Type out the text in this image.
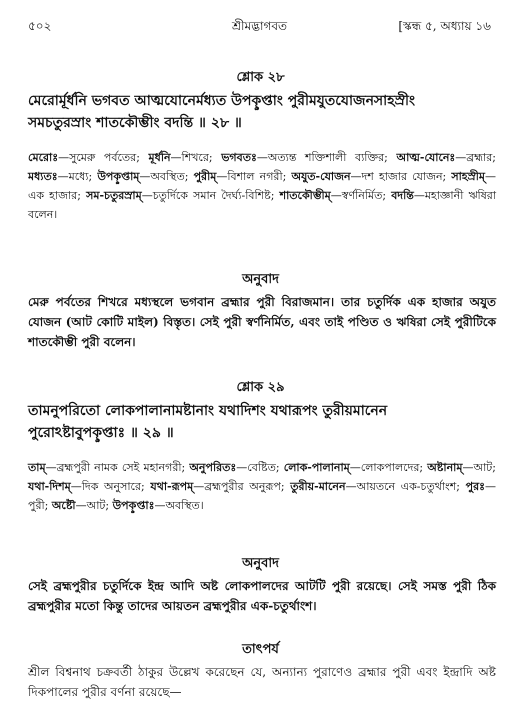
৫০২	শ্রীমদ্ভাগবত	[স্কন্ধ ৫, অধ্যায় ১৬
শ্লোক ২৮
মেরোর্মূর্ধনি ভগবত আত্মযোনের্মধ্যত উপকৢপ্তাং পুরীমযুতযোজনসাহস্রীং
সমচতুরস্রাং শাতকৌম্ভীং বদন্তি ॥ ২৮ ॥
মেরোঃ—সুমেরু পর্বতের; মূর্ধনি—শিখরে; ভগবতঃ—অত্যন্ত শক্তিশালী ব্যক্তির; আত্ম-যোনেঃ—ব্রহ্মার; মধ্যতঃ—মধ্যে; উপকৢপ্তাম্—অবস্থিত; পুরীম্—বিশাল নগরী; অযুত-যোজন—দশ হাজার যোজন; সাহস্রীম্—এক হাজার; সম-চতুরস্রাম্—চতুর্দিকে সমান দৈর্ঘ্য-বিশিষ্ট; শাতকৌম্ভীম্—স্বর্ণনির্মিত; বদন্তি—মহাজ্ঞানী ঋষিরা বলেন।
অনুবাদ
মেরু পর্বতের শিখরে মধ্যস্থলে ভগবান ব্রহ্মার পুরী বিরাজমান। তার চতুর্দিক এক হাজার অযুত যোজন (আট কোটি মাইল) বিস্তৃত। সেই পুরী স্বর্ণনির্মিত, এবং তাই পণ্ডিত ও ঋষিরা সেই পুরীটিকে শাতকৌম্ভী পুরী বলেন।
শ্লোক ২৯
তামনুপরিতো লোকপালানামষ্টানাং যথাদিশং যথারূপং তুরীয়মানেন
পুরোঽষ্টাবুপকৢপ্তাঃ ॥ ২৯ ॥
তাম্—ব্রহ্মপুরী নামক সেই মহানগরী; অনুপরিতঃ—বেষ্টিত; লোক-পালানাম্—লোকপালদের; অষ্টানাম্—আট; যথা-দিশম্—দিক অনুসারে; যথা-রূপম্—ব্রহ্মপুরীর অনুরূপ; তুরীয়-মানেন—আয়তনে এক-চতুর্থাংশ; পুরঃ—পুরী; অষ্টৌ—আট; উপকৢপ্তাঃ—অবস্থিত।
অনুবাদ
সেই ব্রহ্মপুরীর চতুর্দিকে ইন্দ্র আদি অষ্ট লোকপালদের আটটি পুরী রয়েছে। সেই সমস্ত পুরী ঠিক ব্রহ্মপুরীর মতো কিন্তু তাদের আয়তন ব্রহ্মপুরীর এক-চতুর্থাংশ।
তাৎপর্য
শ্রীল বিশ্বনাথ চক্রবর্তী ঠাকুর উল্লেখ করেছেন যে, অন্যান্য পুরাণেও ব্রহ্মার পুরী এবং ইন্দ্রাদি অষ্ট দিকপালের পুরীর বর্ণনা রয়েছে—
